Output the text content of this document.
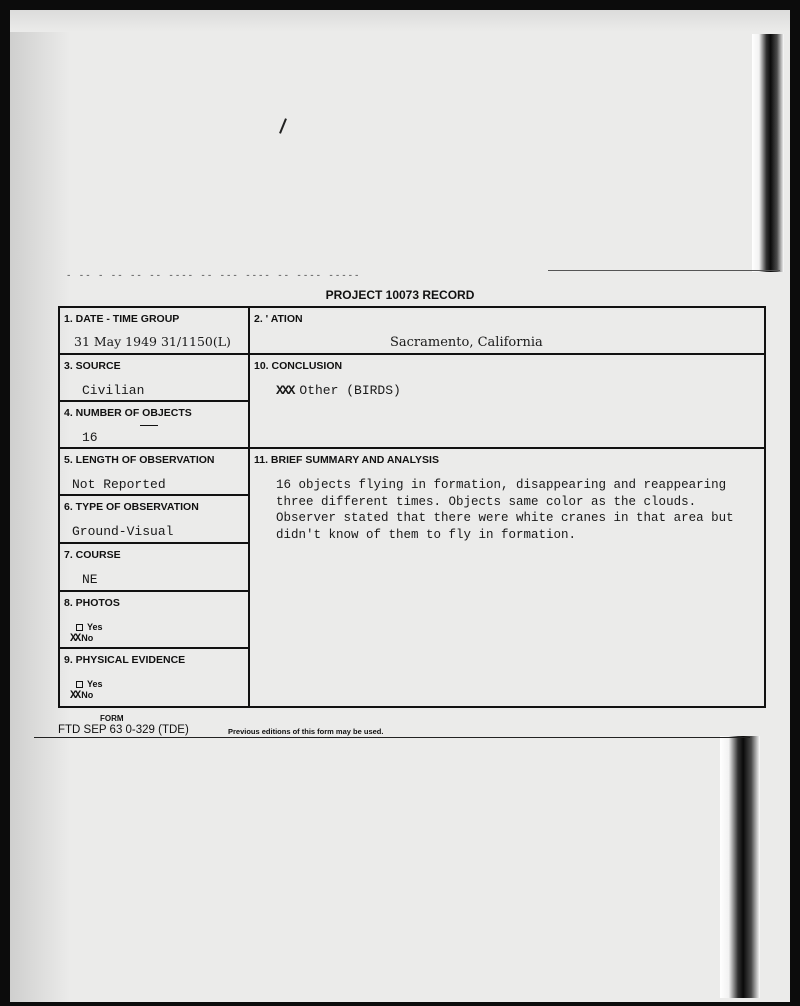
- -- - -- -- -- ---- -- --- ---- -- ---- -----
PROJECT 10073 RECORD
1. DATE - TIME GROUP
31 May 1949 31/1150(L)
3. SOURCE
Civilian
4. NUMBER OF OBJECTS
16
5. LENGTH OF OBSERVATION
Not Reported
6. TYPE OF OBSERVATION
Ground-Visual
7. COURSE
NE
8. PHOTOS
Yes
XX No
9. PHYSICAL EVIDENCE
Yes
XX No
2. ' ATION
Sacramento, California
10. CONCLUSION
XXX Other (BIRDS)
11. BRIEF SUMMARY AND ANALYSIS
16 objects flying in formation, disappearing and reappearing
three different times. Objects same color as the clouds.
Observer stated that there were white cranes in that area but
didn't know of them to fly in formation.
FORM
FTD SEP 63 0-329 (TDE)	Previous editions of this form may be used.
